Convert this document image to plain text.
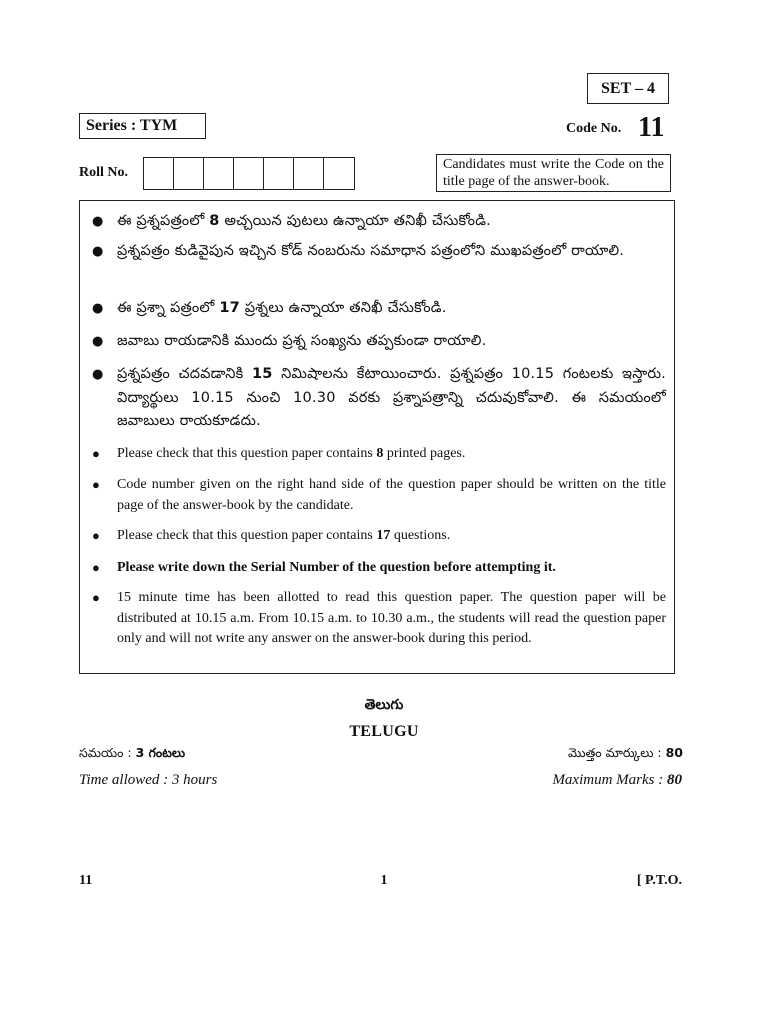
SET – 4
Series : TYM	Code No. 11
Roll No.
Candidates must write the Code on the title page of the answer-book.
● ఈ ప్రశ్నపత్రంలో 8 అచ్చయిన పుటలు ఉన్నాయా తనిఖీ చేసుకోండి.
● ప్రశ్నపత్రం కుడివైపున ఇచ్చిన కోడ్ నంబరును సమాధాన పత్రంలోని ముఖపత్రంలో రాయాలి.
● ఈ ప్రశ్నా పత్రంలో 17 ప్రశ్నలు ఉన్నాయా తనిఖీ చేసుకోండి.
● జవాబు రాయడానికి ముందు ప్రశ్న సంఖ్యను తప్పకుండా రాయాలి.
● ప్రశ్నపత్రం చదవడానికి 15 నిమిషాలను కేటాయించారు. ప్రశ్నపత్రం 10.15 గంటలకు ఇస్తారు. విద్యార్థులు 10.15 నుంచి 10.30 వరకు ప్రశ్నాపత్రాన్ని చదువుకోవాలి. ఈ సమయంలో జవాబులు రాయకూడదు.
●	Please check that this question paper contains 8 printed pages.
●	Code number given on the right hand side of the question paper should be written on the title page of the answer-book by the candidate.
●	Please check that this question paper contains 17 questions.
●	Please write down the Serial Number of the question before attempting it.
●	15 minute time has been allotted to read this question paper. The question paper will be distributed at 10.15 a.m. From 10.15 a.m. to 10.30 a.m., the students will read the question paper only and will not write any answer on the answer-book during this period.
తెలుగు
TELUGU
సమయం : 3 గంటలు	మొత్తం మార్కులు : 80
Time allowed : 3 hours	Maximum Marks : 80
11	1	[ P.T.O.
